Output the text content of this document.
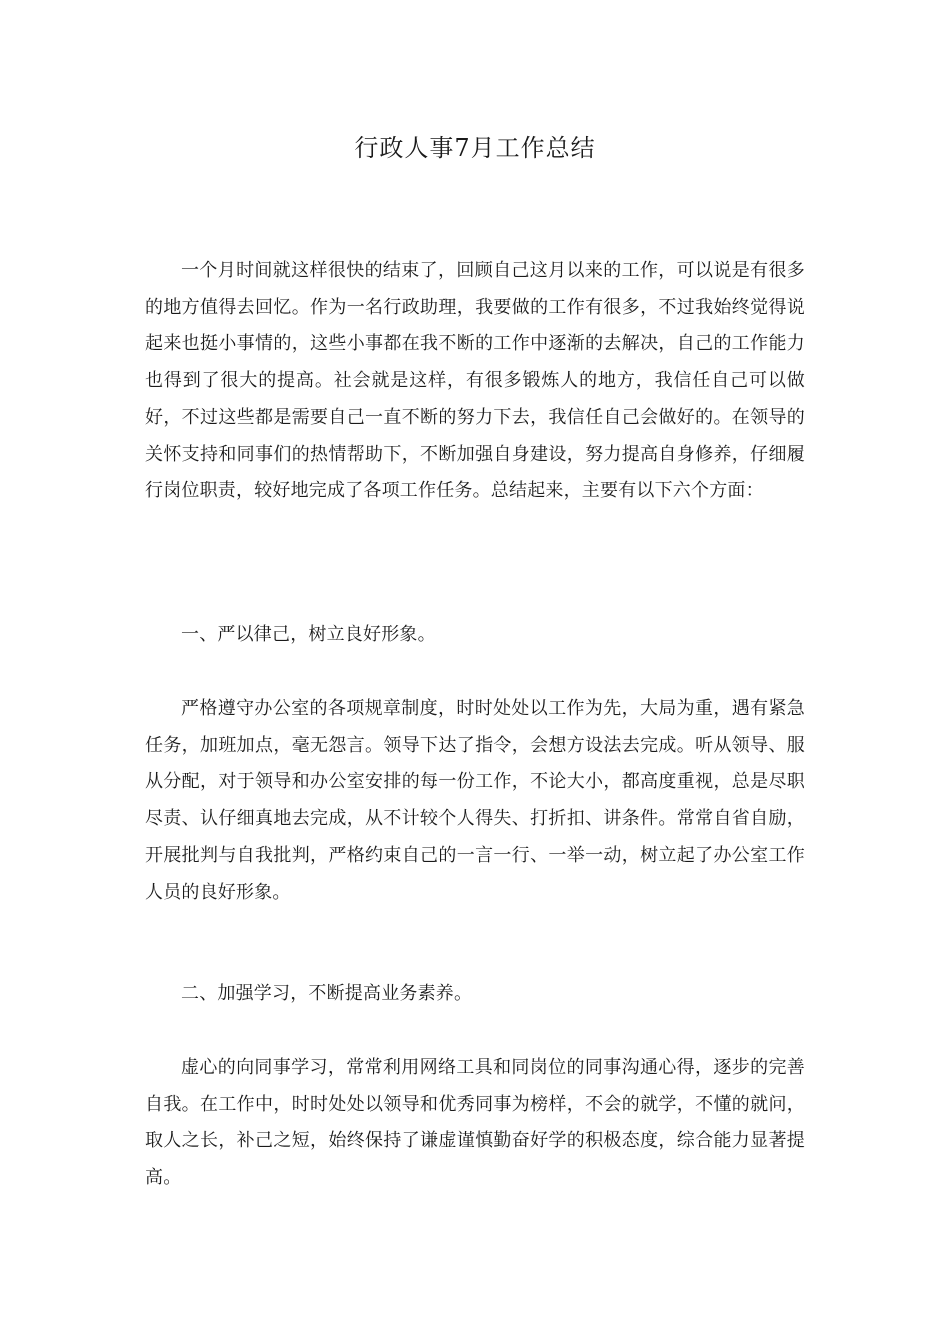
行政人事7月工作总结

一个月时间就这样很快的结束了，回顾自己这月以来的工作，可以说是有很多的地方值得去回忆。作为一名行政助理，我要做的工作有很多，不过我始终觉得说起来也挺小事情的，这些小事都在我不断的工作中逐渐的去解决，自己的工作能力也得到了很大的提高。社会就是这样，有很多锻炼人的地方，我信任自己可以做好，不过这些都是需要自己一直不断的努力下去，我信任自己会做好的。在领导的关怀支持和同事们的热情帮助下，不断加强自身建设，努力提高自身修养，仔细履行岗位职责，较好地完成了各项工作任务。总结起来，主要有以下六个方面：

一、严以律己，树立良好形象。

严格遵守办公室的各项规章制度，时时处处以工作为先，大局为重，遇有紧急任务，加班加点，毫无怨言。领导下达了指令，会想方设法去完成。听从领导、服从分配，对于领导和办公室安排的每一份工作，不论大小，都高度重视，总是尽职尽责、认仔细真地去完成，从不计较个人得失、打折扣、讲条件。常常自省自励，开展批判与自我批判，严格约束自己的一言一行、一举一动，树立起了办公室工作人员的良好形象。

二、加强学习，不断提高业务素养。

虚心的向同事学习，常常利用网络工具和同岗位的同事沟通心得，逐步的完善自我。在工作中，时时处处以领导和优秀同事为榜样，不会的就学，不懂的就问，取人之长，补己之短，始终保持了谦虚谨慎勤奋好学的积极态度，综合能力显著提高。
